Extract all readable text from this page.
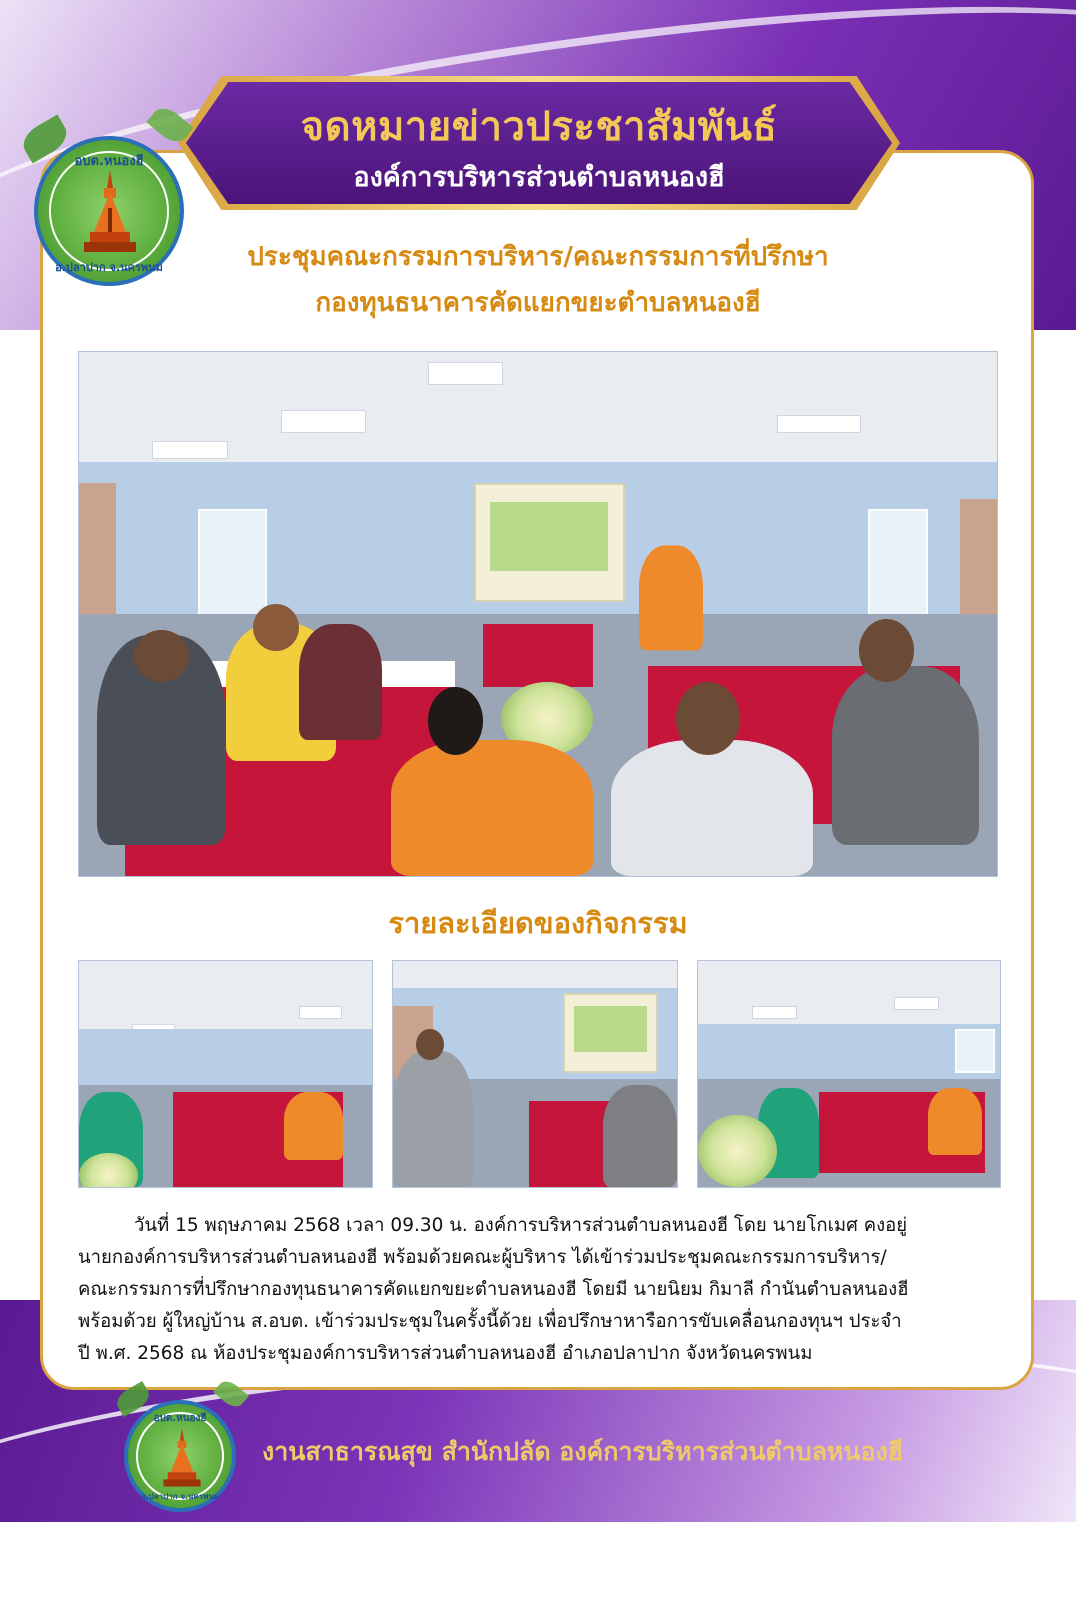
จดหมายข่าวประชาสัมพันธ์
องค์การบริหารส่วนตำบลหนองฮี
อบต.หนองฮี
อ.ปลาปาก จ.นครพนม	ประชุมคณะกรรมการบริหาร/คณะกรรมการที่ปรึกษา
กองทุนธนาคารคัดแยกขยะตำบลหนองฮี
รายละเอียดของกิจกรรม
วันที่ 15 พฤษภาคม 2568 เวลา 09.30 น. องค์การบริหารส่วนตำบลหนองฮี โดย นายโกเมศ คงอยู่
นายกองค์การบริหารส่วนตำบลหนองฮี พร้อมด้วยคณะผู้บริหาร ได้เข้าร่วมประชุมคณะกรรมการบริหาร/
คณะกรรมการที่ปรึกษากองทุนธนาคารคัดแยกขยะตำบลหนองฮี โดยมี นายนิยม กิมาลี กำนันตำบลหนองฮี
พร้อมด้วย ผู้ใหญ่บ้าน ส.อบต. เข้าร่วมประชุมในครั้งนี้ด้วย เพื่อปรึกษาหารือการขับเคลื่อนกองทุนฯ ประจำ
ปี พ.ศ. 2568 ณ ห้องประชุมองค์การบริหารส่วนตำบลหนองฮี อำเภอปลาปาก จังหวัดนครพนม
อบต.หนองฮี
อ.ปลาปาก จ.นครพนม
งานสาธารณสุข สำนักปลัด องค์การบริหารส่วนตำบลหนองฮี
